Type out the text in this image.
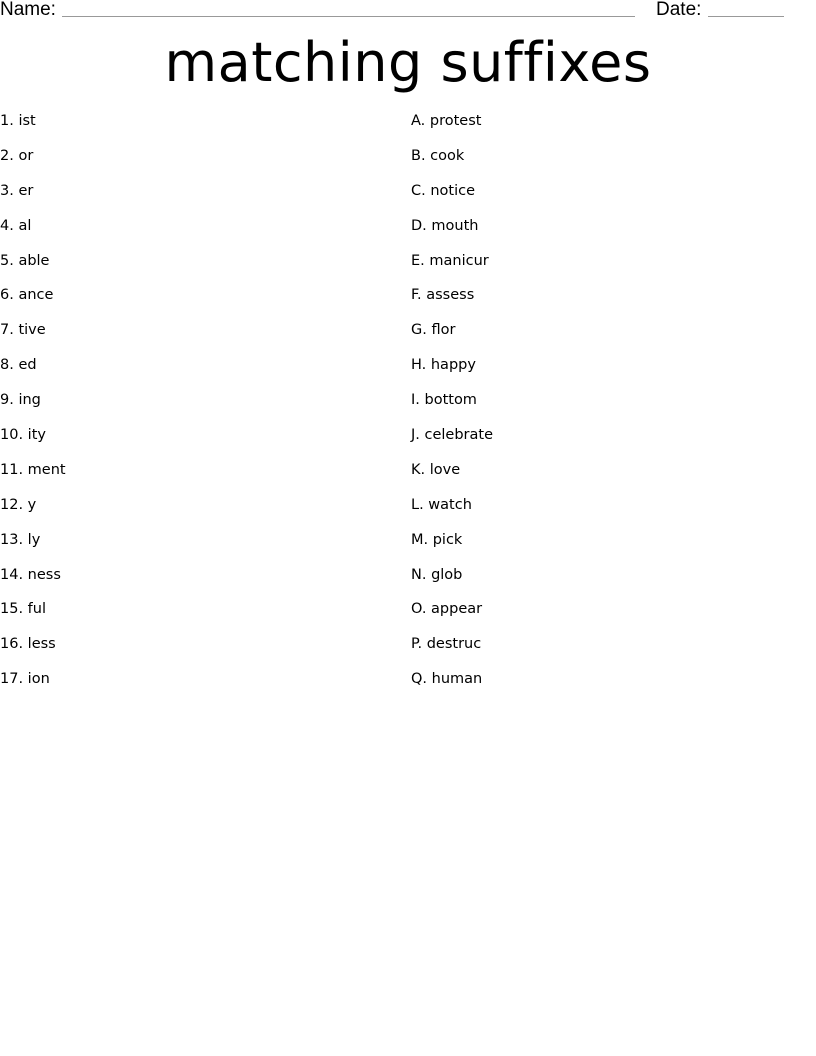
Name:	Date:
matching suffixes
1. ist
2. or
3. er
4. al
5. able
6. ance
7. tive
8. ed
9. ing
10. ity
11. ment
12. y
13. ly
14. ness
15. ful
16. less
17. ion
A. protest
B. cook
C. notice
D. mouth
E. manicur
F. assess
G. flor
H. happy
I. bottom
J. celebrate
K. love
L. watch
M. pick
N. glob
O. appear
P. destruc
Q. human
